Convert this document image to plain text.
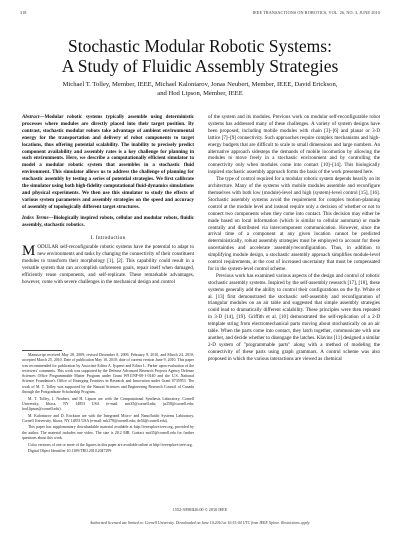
318	IEEE TRANSACTIONS ON ROBOTICS, VOL. 26, NO. 3, JUNE 2010
Stochastic Modular Robotic Systems:
A Study of Fluidic Assembly Strategies
Michael T. Tolley, Member, IEEE, Michael Kalontarov, Jonas Neubert, Member, IEEE, David Erickson,
and Hod Lipson, Member, IEEE

Abstract—Modular robotic systems typically assemble using deterministic processes where modules are directly placed into their target position. By contrast, stochastic modular robots take advantage of ambient environmental energy for the transportation and delivery of robot components to target locations, thus offering potential scalability. The inability to precisely predict component availability and assembly rates is a key challenge for planning in such environments. Here, we describe a computationally efficient simulator to model a modular robotic system that assembles in a stochastic fluid environment. This simulator allows us to address the challenge of planning for stochastic assembly by testing a series of potential strategies. We first calibrate the simulator using both high-fidelity computational fluid-dynamics simulations and physical experiments. We then use this simulator to study the effects of various system parameters and assembly strategies on the speed and accuracy of assembly of topologically different target structures.

Index Terms—Biologically inspired robots, cellular and modular robots, fluidic assembly, stochastic robotics.

I. Introduction

MODULAR self-reconfigurable robotic systems have the potential to adapt to new environments and tasks by changing the connectivity of their constituent modules to transform their morphology [1], [2]. This capability could result in a versatile system that can accomplish unforeseen goals, repair itself when damaged, efficiently reuse components, and self-replicate. These remarkable advantages, however, come with severe challenges in the mechanical design and control

Manuscript received May 28, 2009; revised December 8, 2009, February 9, 2010, and March 24, 2010; accepted March 25, 2010. Date of publication May 10, 2010; date of current version June 9, 2010. This paper was recommended for publication by Associate Editor A. Ijspeert and Editor L. Parker upon evaluation of the reviewers' comments. This work was supported by the Defense Advanced Research Projects Agency Defense Sciences Office Programmable Matter Program under Grant W911NF-08-1-0140 and the U.S. National Science Foundation's Office of Emerging Frontiers in Research and Innovation under Grant 0735953. The work of M. T. Tolley was supported by the Natural Sciences and Engineering Research Council of Canada through the Postgraduate Scholarship Program.

M. T. Tolley, J. Neubert, and H. Lipson are with the Computational Synthesis Laboratory, Cornell University, Ithaca, NY 14853 USA (e-mail: mtt35@cornell.edu; jn258@cornell.edu; hod.lipson@cornell.edu).

M. Kalontarov and D. Erickson are with the Integrated Micro- and Nanofluidic Systems Laboratory, Cornell University, Ithaca, NY 14853 USA (e-mail: mk378@cornell.edu; de54@cornell.edu).

This paper has supplementary downloadable material available at http://ieeexplore.ieee.org, provided by the author. The material includes one video. The size is 28.2 MB. Contact mtt35@cornell.edu for further questions about this work.

Color versions of one or more of the figures in this paper are available online at http://ieeexplore.ieee.org.

Digital Object Identifier 10.1109/TRO.2010.2047299

of the system and its modules. Previous work on modular self-reconfigurable robot systems has addressed many of these challenges. A variety of system designs have been proposed, including mobile modules with chain [3]–[6] and planar or 3-D lattice [7]–[9] connectivity. Such approaches require complex mechanisms and high-energy budgets that are difficult to scale to small dimensions and large numbers. An alternative approach sidesteps the demands of mobile locomotion by allowing the modules to move freely in a stochastic environment and by controlling the connectivity only when modules come into contact [10]–[14]. This biologically inspired stochastic assembly approach forms the basis of the work presented here.

The type of control required for a modular robotic system depends heavily on its architecture. Many of the systems with mobile modules assemble and reconfigure themselves with both low (module)-level and high (system)-level control [15], [16]. Stochastic assembly systems avoid the requirement for complex motion-planning control at the module level and instead require only a decision of whether or not to connect two components when they come into contact. This decision may either be made based on local information (which is similar to cellular automata) or made centrally and distributed via intercomponent communication. However, since the arrival time of a component at any given location cannot be predicted deterministically, robust assembly strategies must be employed to account for these uncertainties and accelerate assembly/reconfiguration. Thus, in addition to simplifying module design, a stochastic assembly approach simplifies module-level control requirements, at the cost of increased uncertainty that must be compensated for in the system-level control scheme.

Previous work has examined various aspects of the design and control of robotic stochastic assembly systems. Inspired by the self-assembly research [17], [18], these systems generally add the ability to control their configurations on the fly. White et al. [13] first demonstrated the stochastic self-assembly and reconfiguration of triangular modules on an air table and suggested that simple assembly strategies could lead to dramatically different scalability. These principles were then repeated in 3-D [14], [19]. Griffith et al. [10] demonstrated the self-replication of a 2-D template string from electromechanical parts moving about stochastically on an air table. When the parts come into contact, they latch together, communicate with one another, and decide whether to disengage the latches. Klavins [11] designed a similar 2-D system of "programmable parts" along with a method of modeling the connectivity of these parts using graph grammars. A control scheme was also proposed in which the various interactions are viewed as chemical

1552-3098/$26.00 © 2010 IEEE
Authorized licensed use limited to: Cornell University. Downloaded on June 10,2010 at 16:53:04 UTC from IEEE Xplore. Restrictions apply.
